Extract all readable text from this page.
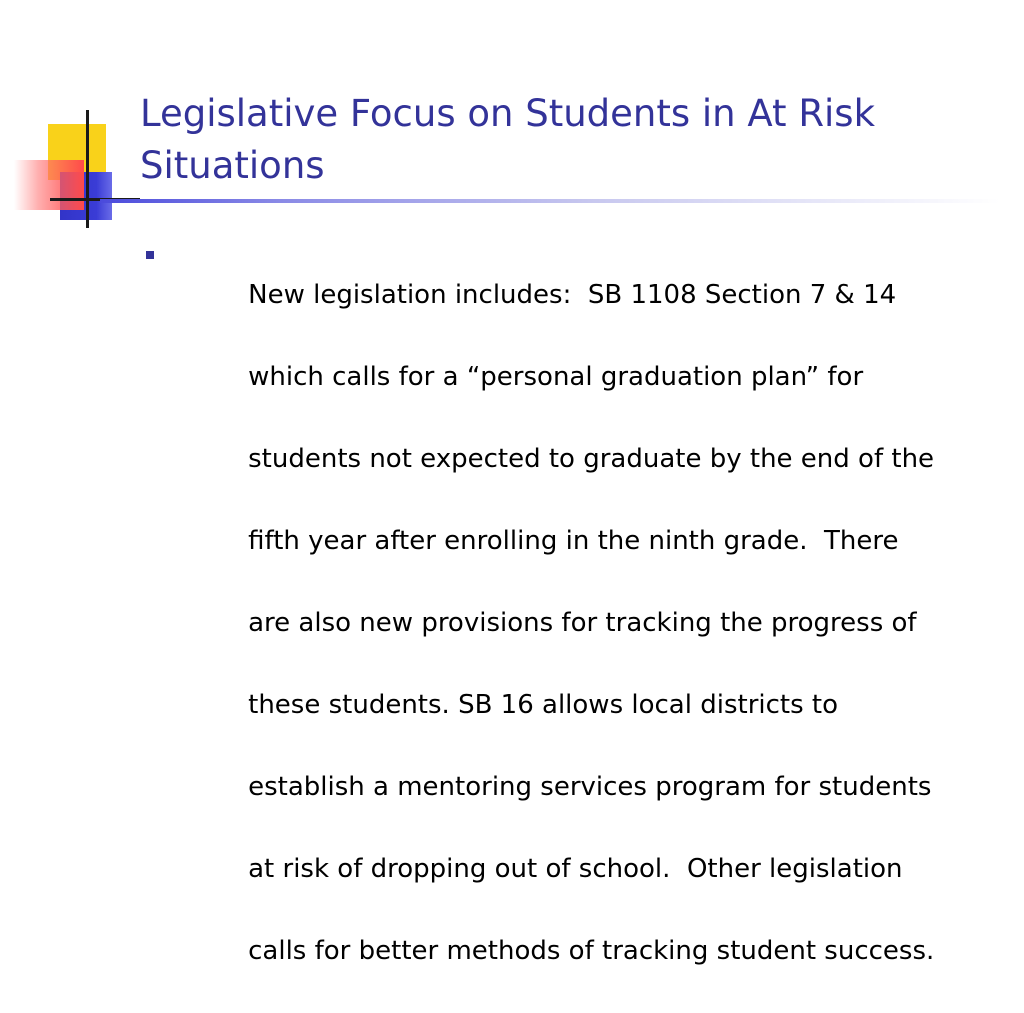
Legislative Focus on Students in At Risk
Situations

New legislation includes:  SB 1108 Section 7 & 14

which calls for a “personal graduation plan” for

students not expected to graduate by the end of the

fifth year after enrolling in the ninth grade.  There

are also new provisions for tracking the progress of

these students. SB 16 allows local districts to

establish a mentoring services program for students

at risk of dropping out of school.  Other legislation

calls for better methods of tracking student success.
